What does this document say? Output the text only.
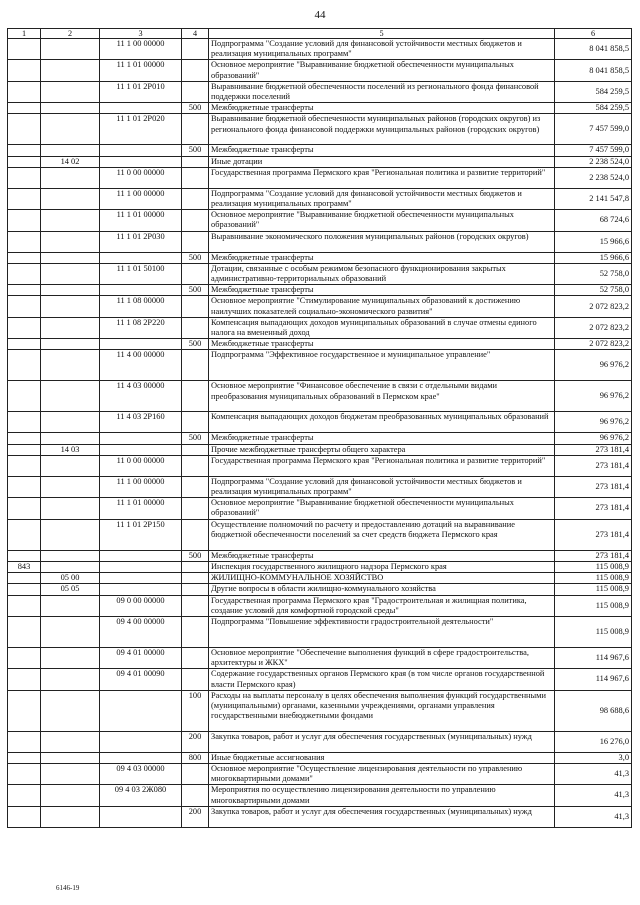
44
1	2	3	4	5	6
		11 1 00 00000		Подпрограмма "Создание условий для финансовой устойчивости местных бюджетов и реализация муниципальных программ"	8 041 858,5
		11 1 01 00000		Основное мероприятие "Выравнивание бюджетной обеспеченности муниципальных образований"	8 041 858,5
		11 1 01 2Р010		Выравнивание бюджетной обеспеченности поселений из регионального фонда финансовой поддержки поселений	584 259,5
			500	Межбюджетные трансферты	584 259,5
		11 1 01 2Р020		Выравнивание бюджетной обеспеченности муниципальных районов (городских округов) из регионального фонда финансовой поддержки муниципальных районов (городских округов)	7 457 599,0
			500	Межбюджетные трансферты	7 457 599,0
	14 02			Иные дотации	2 238 524,0
		11 0 00 00000		Государственная программа Пермского края "Региональная политика и развитие территорий"	2 238 524,0
		11 1 00 00000		Подпрограмма "Создание условий для финансовой устойчивости местных бюджетов и реализация муниципальных программ"	2 141 547,8
		11 1 01 00000		Основное мероприятие "Выравнивание бюджетной обеспеченности муниципальных образований"	68 724,6
		11 1 01 2Р030		Выравнивание экономического положения муниципальных районов (городских округов)	15 966,6
			500	Межбюджетные трансферты	15 966,6
		11 1 01 50100		Дотации, связанные с особым режимом безопасного функционирования закрытых административно-территориальных образований	52 758,0
			500	Межбюджетные трансферты	52 758,0
		11 1 08 00000		Основное мероприятие "Стимулирование муниципальных образований к достижению наилучших показателей социально-экономического развития"	2 072 823,2
		11 1 08 2Р220		Компенсация выпадающих доходов муниципальных образований в случае отмены единого налога на вмененный доход	2 072 823,2
			500	Межбюджетные трансферты	2 072 823,2
		11 4 00 00000		Подпрограмма "Эффективное государственное и муниципальное управление"	96 976,2
		11 4 03 00000		Основное мероприятие "Финансовое обеспечение в связи с отдельными видами преобразования муниципальных образований в Пермском крае"	96 976,2
		11 4 03 2Р160		Компенсация выпадающих доходов бюджетам преобразованных муниципальных образований	96 976,2
			500	Межбюджетные трансферты	96 976,2
	14 03			Прочие межбюджетные трансферты общего характера	273 181,4
		11 0 00 00000		Государственная программа Пермского края "Региональная политика и развитие территорий"	273 181,4
		11 1 00 00000		Подпрограмма "Создание условий для финансовой устойчивости местных бюджетов и реализация муниципальных программ"	273 181,4
		11 1 01 00000		Основное мероприятие "Выравнивание бюджетной обеспеченности муниципальных образований"	273 181,4
		11 1 01 2Р150		Осуществление полномочий по расчету и предоставлению дотаций на выравнивание бюджетной обеспеченности поселений за счет средств бюджета Пермского края	273 181,4
			500	Межбюджетные трансферты	273 181,4
843				Инспекция государственного жилищного надзора Пермского края	115 008,9
	05 00			ЖИЛИЩНО-КОММУНАЛЬНОЕ ХОЗЯЙСТВО	115 008,9
	05 05			Другие вопросы в области жилищно-коммунального хозяйства	115 008,9
		09 0 00 00000		Государственная программа Пермского края "Градостроительная и жилищная политика, создание условий для комфортной городской среды"	115 008,9
		09 4 00 00000		Подпрограмма "Повышение эффективности градостроительной деятельности"	115 008,9
		09 4 01 00000		Основное мероприятие "Обеспечение выполнения функций в сфере градостроительства, архитектуры и ЖКХ"	114 967,6
		09 4 01 00090		Содержание государственных органов Пермского края (в том числе органов государственной власти Пермского края)	114 967,6
			100	Расходы на выплаты персоналу в целях обеспечения выполнения функций государственными (муниципальными) органами, казенными учреждениями, органами управления государственными внебюджетными фондами	98 688,6
			200	Закупка товаров, работ и услуг для обеспечения государственных (муниципальных) нужд	16 276,0
			800	Иные бюджетные ассигнования	3,0
		09 4 03 00000		Основное мероприятие "Осуществление лицензирования деятельности по управлению многоквартирными домами"	41,3
		09 4 03 2Ж080		Мероприятия по осуществлению лицензирования деятельности по управлению многоквартирными домами	41,3
			200	Закупка товаров, работ и услуг для обеспечения государственных (муниципальных) нужд	41,3
6146-19
